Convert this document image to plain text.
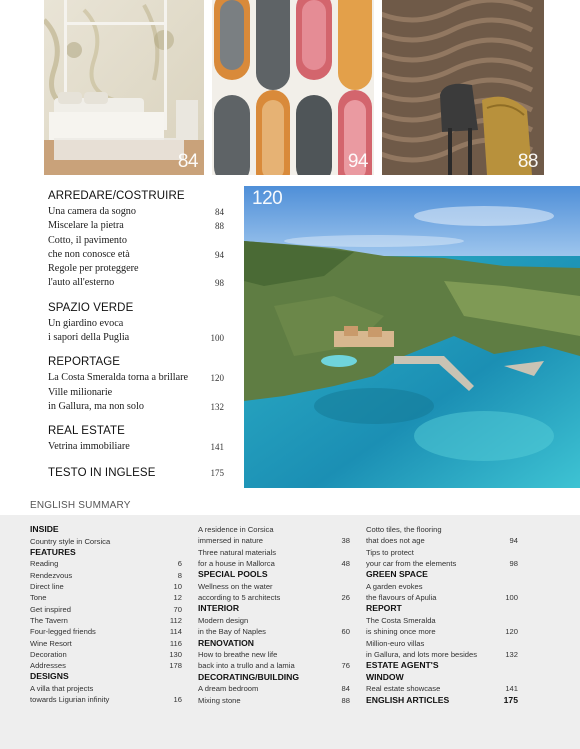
84	94	88
120
ARREDARE/COSTRUIRE
Una camera da sogno	84
Miscelare la pietra	88
Cotto, il pavimento
che non conosce età	94
Regole per proteggere
l'auto all'esterno	98
SPAZIO VERDE
Un giardino evoca
i sapori della Puglia	100
REPORTAGE
La Costa Smeralda torna a brillare 120
Ville milionarie
in Gallura, ma non solo	132
REAL ESTATE
Vetrina immobiliare	141
TESTO IN INGLESE	175
ENGLISH SUMMARY
INSIDE
Country style in Corsica
FEATURES
Reading	6
Rendezvous	8
Direct line	10
Tone	12
Get inspired	70
The Tavern	112
Four-legged friends	114
Wine Resort	116
Decoration	130
Addresses	178
DESIGNS
A villa that projects
towards Ligurian infinity	16
A residence in Corsica
immersed in nature	38
Three natural materials
for a house in Mallorca	48
SPECIAL POOLS
Wellness on the water
according to 5 architects	26
INTERIOR
Modern design
in the Bay of Naples	60
RENOVATION
How to breathe new life
back into a trullo and a lamia	76
DECORATING/BUILDING
A dream bedroom	84
Mixing stone	88
Cotto tiles, the flooring
that does not age	94
Tips to protect
your car from the elements	98
GREEN SPACE
A garden evokes
the flavours of Apulia	100
REPORT
The Costa Smeralda
is shining once more	120
Million-euro villas
in Gallura, and lots more besides	132
ESTATE AGENT'S
WINDOW
Real estate showcase	141
ENGLISH ARTICLES	175
